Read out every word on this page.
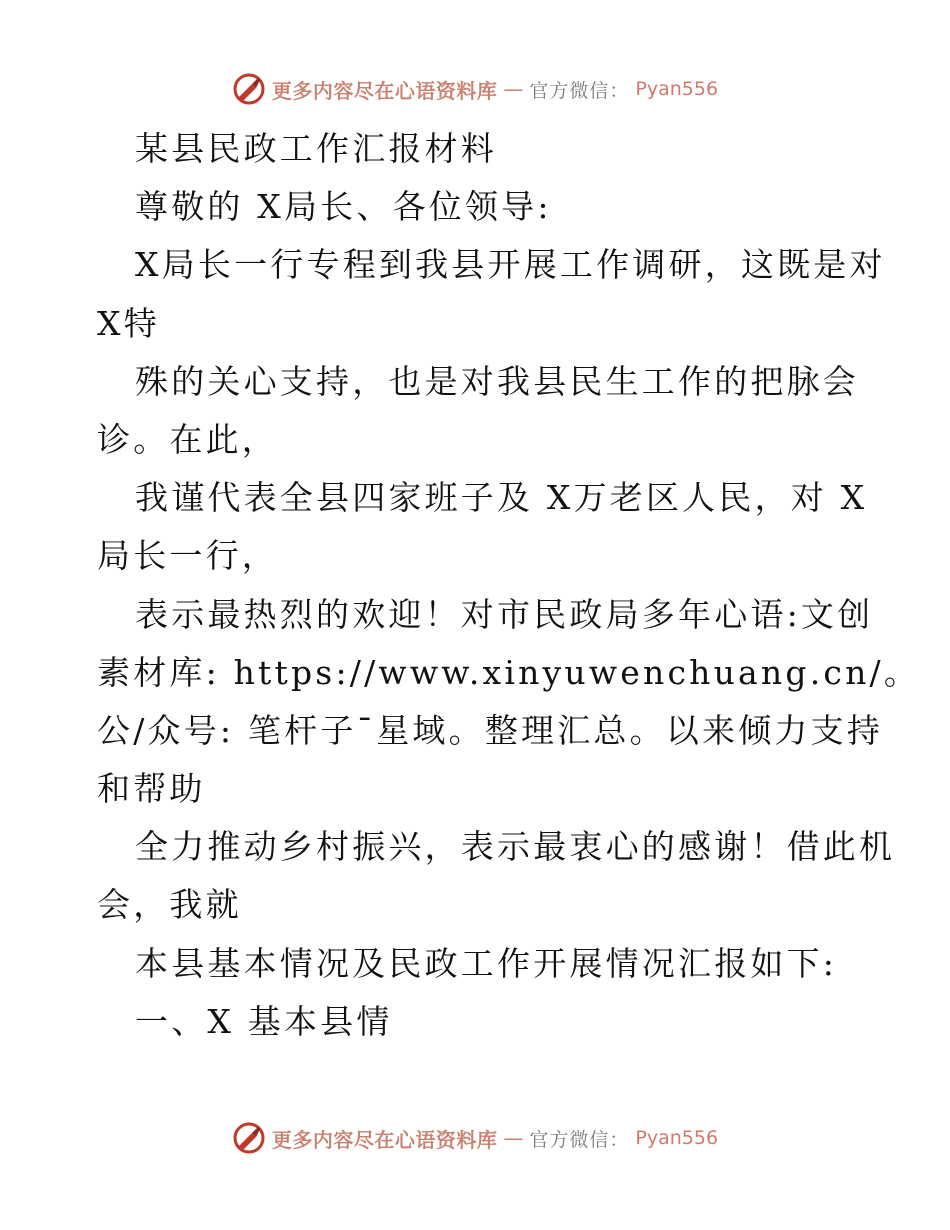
更多内容尽在心语资料库 — 官方微信： Pyan556
某县民政工作汇报材料
尊敬的 X局长、各位领导:
X局长一行专程到我县开展工作调研，这既是对
X特
殊的关心支持，也是对我县民生工作的把脉会
诊。在此，
我谨代表全县四家班子及 X万老区人民，对 X
局长一行，
表示最热烈的欢迎！对市民政局多年心语:文创
素材库: https://www.xinyuwenchuang.cn/。
公/众号: 笔杆子¯星域。整理汇总。以来倾力支持
和帮助
全力推动乡村振兴，表示最衷心的感谢！借此机
会，我就
本县基本情况及民政工作开展情况汇报如下:
一、X 基本县情
更多内容尽在心语资料库 — 官方微信： Pyan556
